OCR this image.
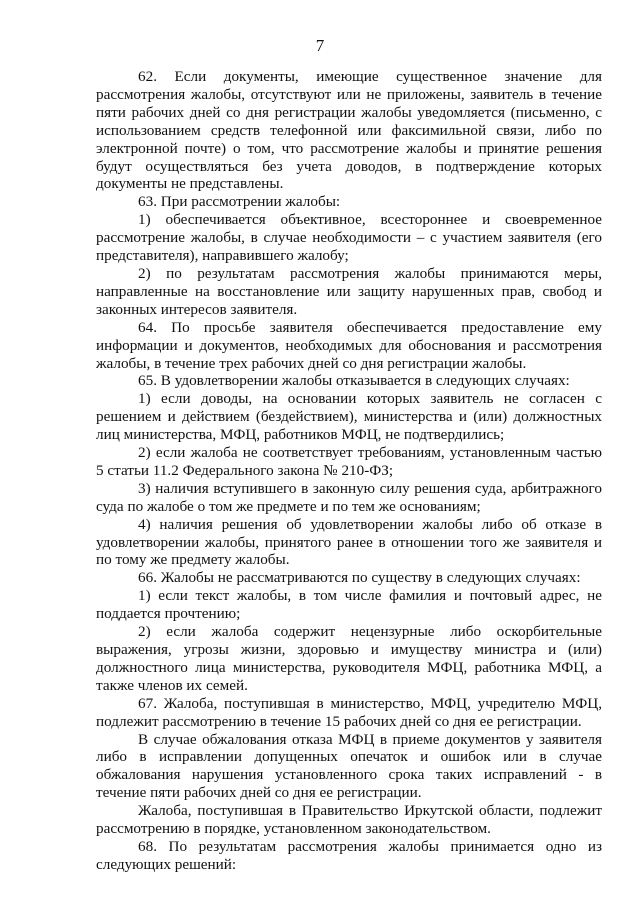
7

62. Если документы, имеющие существенное значение для рассмотрения жалобы, отсутствуют или не приложены, заявитель в течение пяти рабочих дней со дня регистрации жалобы уведомляется (письменно, с использованием средств телефонной или факсимильной связи, либо по электронной почте) о том, что рассмотрение жалобы и принятие решения будут осуществляться без учета доводов, в подтверждение которых документы не представлены.

63. При рассмотрении жалобы:

1) обеспечивается объективное, всестороннее и своевременное рассмотрение жалобы, в случае необходимости – с участием заявителя (его представителя), направившего жалобу;

2) по результатам рассмотрения жалобы принимаются меры, направленные на восстановление или защиту нарушенных прав, свобод и законных интересов заявителя.

64. По просьбе заявителя обеспечивается предоставление ему информации и документов, необходимых для обоснования и рассмотрения жалобы, в течение трех рабочих дней со дня регистрации жалобы.

65. В удовлетворении жалобы отказывается в следующих случаях:

1) если доводы, на основании которых заявитель не согласен с решением и действием (бездействием), министерства и (или) должностных лиц министерства, МФЦ, работников МФЦ, не подтвердились;

2) если жалоба не соответствует требованиям, установленным частью 5 статьи 11.2 Федерального закона № 210-ФЗ;

3) наличия вступившего в законную силу решения суда, арбитражного суда по жалобе о том же предмете и по тем же основаниям;

4) наличия решения об удовлетворении жалобы либо об отказе в удовлетворении жалобы, принятого ранее в отношении того же заявителя и по тому же предмету жалобы.

66. Жалобы не рассматриваются по существу в следующих случаях:

1) если текст жалобы, в том числе фамилия и почтовый адрес, не поддается прочтению;

2) если жалоба содержит нецензурные либо оскорбительные выражения, угрозы жизни, здоровью и имуществу министра и (или) должностного лица министерства, руководителя МФЦ, работника МФЦ, а также членов их семей.

67. Жалоба, поступившая в министерство, МФЦ, учредителю МФЦ, подлежит рассмотрению в течение 15 рабочих дней со дня ее регистрации.

В случае обжалования отказа МФЦ в приеме документов у заявителя либо в исправлении допущенных опечаток и ошибок или в случае обжалования нарушения установленного срока таких исправлений - в течение пяти рабочих дней со дня ее регистрации.

Жалоба, поступившая в Правительство Иркутской области, подлежит рассмотрению в порядке, установленном законодательством.

68. По результатам рассмотрения жалобы принимается одно из следующих решений:
